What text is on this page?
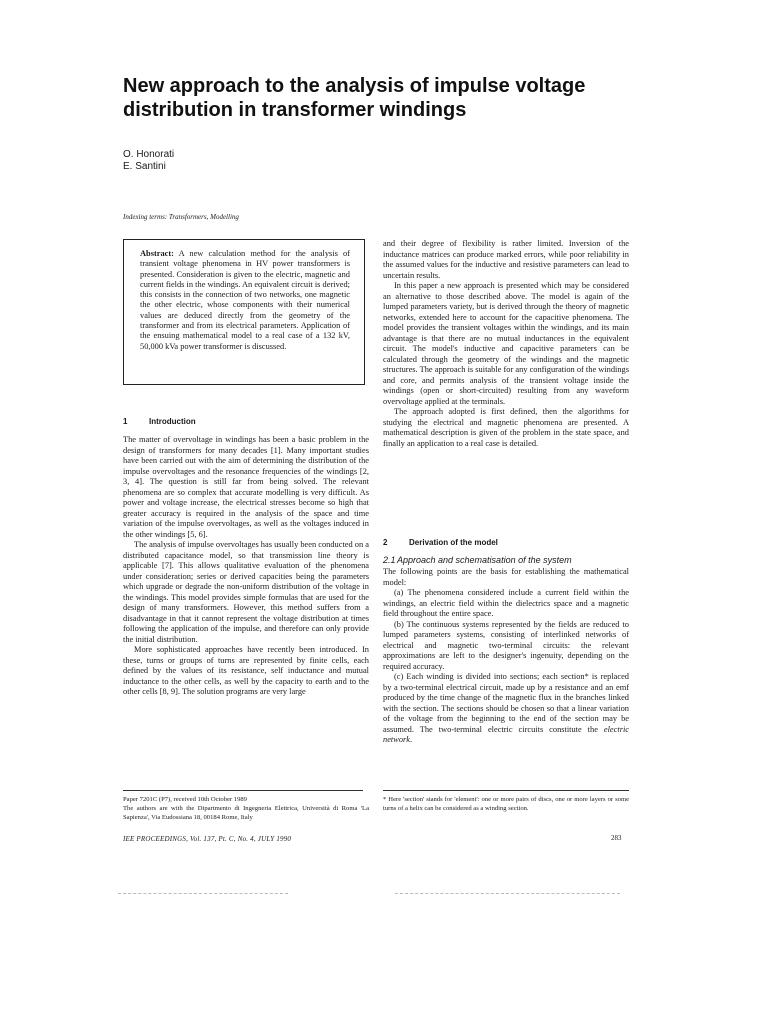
New approach to the analysis of impulse voltage
distribution in transformer windings
O. Honorati
E. Santini
Indexing terms: Transformers, Modelling

Abstract: A new calculation method for the analysis of transient voltage phenomena in HV power transformers is presented. Consideration is given to the electric, magnetic and current fields in the windings. An equivalent circuit is derived; this consists in the connection of two networks, one magnetic the other electric, whose components with their numerical values are deduced directly from the geometry of the transformer and from its electrical parameters. Application of the ensuing mathematical model to a real case of a 132 kV, 50,000 kVa power transformer is discussed.

1	Introduction

The matter of overvoltage in windings has been a basic problem in the design of transformers for many decades [1]. Many important studies have been carried out with the aim of determining the distribution of the impulse overvoltages and the resonance frequencies of the windings [2, 3, 4]. The question is still far from being solved. The relevant phenomena are so complex that accurate modelling is very difficult. As power and voltage increase, the electrical stresses become so high that greater accuracy is required in the analysis of the space and time variation of the impulse overvoltages, as well as the voltages induced in the other windings [5, 6].

The analysis of impulse overvoltages has usually been conducted on a distributed capacitance model, so that transmission line theory is applicable [7]. This allows qualitative evaluation of the phenomena under consideration; series or derived capacities being the parameters which upgrade or degrade the non-uniform distribution of the voltage in the windings. This model provides simple formulas that are used for the design of many transformers. However, this method suffers from a disadvantage in that it cannot represent the voltage distribution at times following the application of the impulse, and therefore can only provide the initial distribution.

More sophisticated approaches have recently been introduced. In these, turns or groups of turns are represented by finite cells, each defined by the values of its resistance, self inductance and mutual inductance to the other cells, as well by the capacity to earth and to the other cells [8, 9]. The solution programs are very large

and their degree of flexibility is rather limited. Inversion of the inductance matrices can produce marked errors, while poor reliability in the assumed values for the inductive and resistive parameters can lead to uncertain results.

In this paper a new approach is presented which may be considered an alternative to those described above. The model is again of the lumped parameters variety, but is derived through the theory of magnetic networks, extended here to account for the capacitive phenomena. The model provides the transient voltages within the windings, and its main advantage is that there are no mutual inductances in the equivalent circuit. The model's inductive and capacitive parameters can be calculated through the geometry of the windings and the magnetic structures. The approach is suitable for any configuration of the windings and core, and permits analysis of the transient voltage inside the windings (open or short-circuited) resulting from any waveform overvoltage applied at the terminals.

The approach adopted is first defined, then the algorithms for studying the electrical and magnetic phenomena are presented. A mathematical description is given of the problem in the state space, and finally an application to a real case is detailed.

2	Derivation of the model
2.1Approach and schematisation of the system

The following points are the basis for establishing the mathematical model:

(a) The phenomena considered include a current field within the windings, an electric field within the dielectrics space and a magnetic field throughout the entire space.

(b) The continuous systems represented by the fields are reduced to lumped parameters systems, consisting of interlinked networks of electrical and magnetic two-terminal circuits: the relevant approximations are left to the designer's ingenuity, depending on the required accuracy.

(c) Each winding is divided into sections; each section* is replaced by a two-terminal electrical circuit, made up by a resistance and an emf produced by the time change of the magnetic flux in the branches linked with the section. The sections should be chosen so that a linear variation of the voltage from the beginning to the end of the section may be assumed. The two-terminal electric circuits constitute the electric network.

Paper 7201C (P7), received 10th October 1989

The authors are with the Dipartmento di Ingegneria Elettrica, Università di Roma 'La Sapienza', Via Eudossiana 18, 00184 Rome, Italy

* Here 'section' stands for 'element': one or more pairs of discs, one or more layers or some turns of a helix can be considered as a winding section.

IEE PROCEEDINGS, Vol. 137, Pt. C, No. 4, JULY 1990	283
